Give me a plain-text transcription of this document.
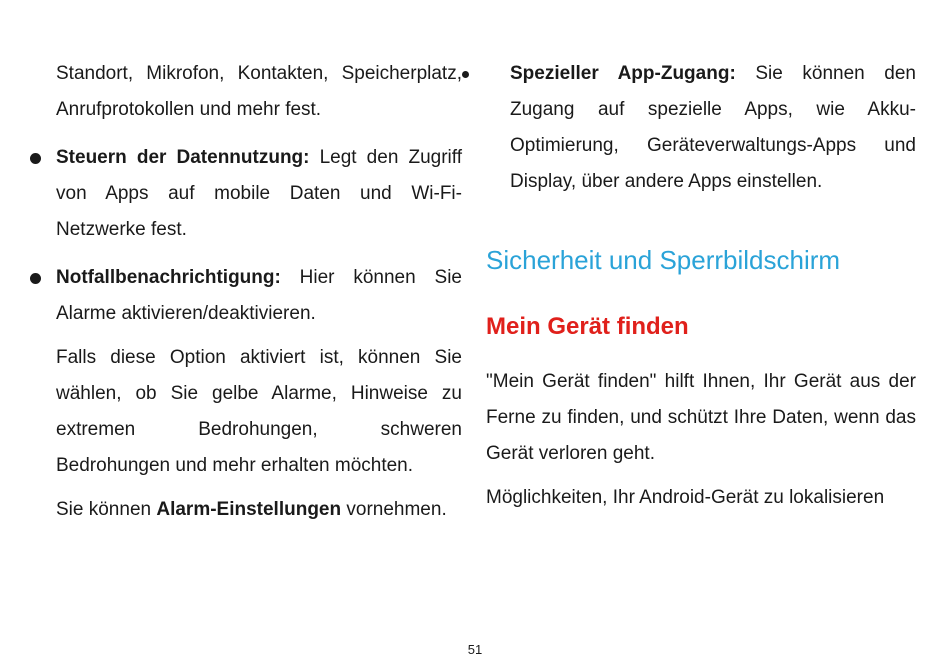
Standort, Mikrofon, Kontakten, Speicherplatz, Anrufprotokollen und mehr fest.

Steuern der Datennutzung: Legt den Zugriff von Apps auf mobile Daten und Wi-Fi-Netzwerke fest.

Notfallbenachrichtigung: Hier können Sie Alarme aktivieren/deaktivieren.

Falls diese Option aktiviert ist, können Sie wählen, ob Sie gelbe Alarme, Hinweise zu extremen Bedrohungen, schweren Bedrohungen und mehr erhalten möchten.

Sie können Alarm-Einstellungen vornehmen.

Spezieller App-Zugang: Sie können den Zugang auf spezielle Apps, wie Akku-Optimierung, Geräteverwaltungs-Apps und Display, über andere Apps einstellen.

Sicherheit und Sperrbildschirm
Mein Gerät finden

"Mein Gerät finden" hilft Ihnen, Ihr Gerät aus der Ferne zu finden, und schützt Ihre Daten, wenn das Gerät verloren geht.

Möglichkeiten, Ihr Android-Gerät zu lokalisieren

51
